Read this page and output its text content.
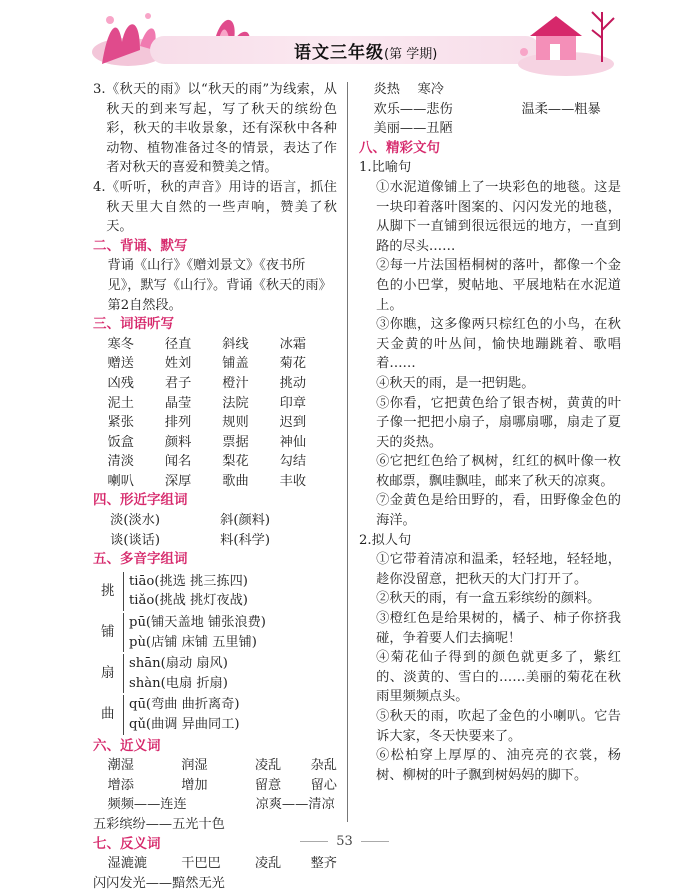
语文三年级(第 学期)
3.《秋天的雨》以“秋天的雨”为线索，从秋天的到来写起，写了秋天的缤纷色彩，秋天的丰收景象，还有深秋中各种动物、植物准备过冬的情景，表达了作者对秋天的喜爱和赞美之情。
4.《听听，秋的声音》用诗的语言，抓住秋天里大自然的一些声响，赞美了秋天。
二、背诵、默写
背诵《山行》《赠刘景文》《夜书所见》，默写《山行》。背诵《秋天的雨》第2自然段。
三、词语听写
寒冬	径直	斜线	冰霜
赠送	姓刘	铺盖	菊花
凶残	君子	橙汁	挑动
泥土	晶莹	法院	印章
紧张	排列	规则	迟到
饭盒	颜料	票据	神仙
清淡	闻名	梨花	勾结
喇叭	深厚	歌曲	丰收
四、形近字组词
淡(淡水)	斜(颜料)
谈(谈话)	料(科学)
五、多音字组词
挑
tiāo(挑选 挑三拣四)
tiǎo(挑战 挑灯夜战)
铺
pū(铺天盖地 铺张浪费)
pù(店铺 床铺 五里铺)
扇
shān(扇动 扇风)
shàn(电扇 折扇)
曲
qū(弯曲 曲折离奇)
qǔ(曲调 异曲同工)
六、近义词
潮湿	润湿	凌乱	杂乱
增添	增加	留意	留心
频频——连连	凉爽——清凉
五彩缤纷——五光十色
七、反义词
湿漉漉	干巴巴	凌乱	整齐
闪闪发光——黯然无光
炎热	寒冷
欢乐——悲伤	温柔——粗暴
美丽——丑陋
八、精彩文句
1.比喻句
①水泥道像铺上了一块彩色的地毯。这是一块印着落叶图案的、闪闪发光的地毯，从脚下一直铺到很远很远的地方，一直到路的尽头……
②每一片法国梧桐树的落叶，都像一个金色的小巴掌，熨帖地、平展地粘在水泥道上。
③你瞧，这多像两只棕红色的小鸟，在秋天金黄的叶丛间，愉快地蹦跳着、歌唱着……
④秋天的雨，是一把钥匙。
⑤你看，它把黄色给了银杏树，黄黄的叶子像一把把小扇子，扇哪扇哪，扇走了夏天的炎热。
⑥它把红色给了枫树，红红的枫叶像一枚枚邮票，飘哇飘哇，邮来了秋天的凉爽。
⑦金黄色是给田野的，看，田野像金色的海洋。
2.拟人句
①它带着清凉和温柔，轻轻地，轻轻地，趁你没留意，把秋天的大门打开了。
②秋天的雨，有一盒五彩缤纷的颜料。
③橙红色是给果树的，橘子、柿子你挤我碰，争着要人们去摘呢！
④菊花仙子得到的颜色就更多了，紫红的、淡黄的、雪白的……美丽的菊花在秋雨里频频点头。
⑤秋天的雨，吹起了金色的小喇叭。它告诉大家，冬天快要来了。
⑥松柏穿上厚厚的、油亮亮的衣裳，杨树、柳树的叶子飘到树妈妈的脚下。
53
